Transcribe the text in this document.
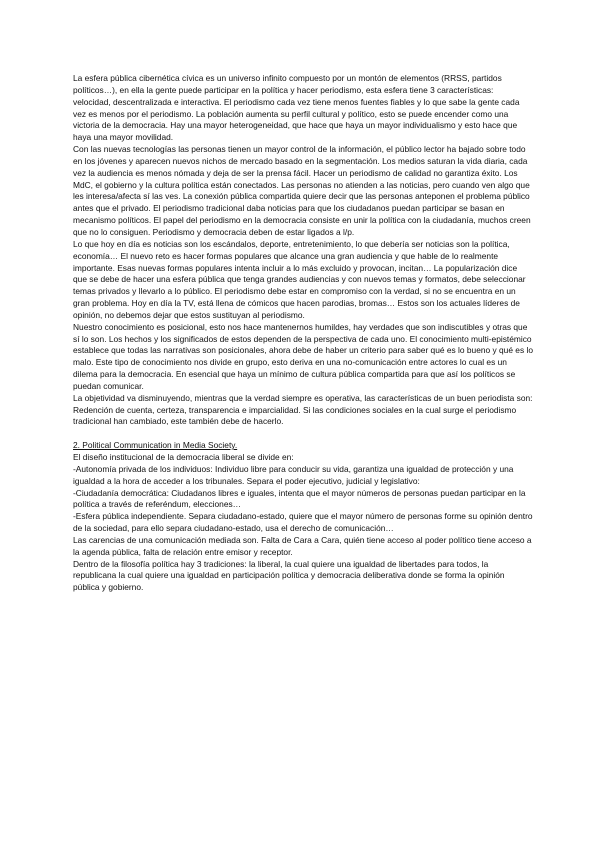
La esfera pública cibernética cívica es un universo infinito compuesto por un montón de elementos (RRSS, partidos políticos…), en ella la gente puede participar en la política y hacer periodismo, esta esfera tiene 3 características: velocidad, descentralizada e interactiva. El periodismo cada vez tiene menos fuentes fiables y lo que sabe la gente cada vez es menos por el periodismo. La población aumenta su perfil cultural y político, esto se puede encender como una victoria de la democracia. Hay una mayor heterogeneidad, que hace que haya un mayor individualismo y esto hace que haya una mayor movilidad.

Con las nuevas tecnologías las personas tienen un mayor control de la información, el público lector ha bajado sobre todo en los jóvenes y aparecen nuevos nichos de mercado basado en la segmentación. Los medios saturan la vida diaria, cada vez la audiencia es menos nómada y deja de ser la prensa fácil. Hacer un periodismo de calidad no garantiza éxito. Los MdC, el gobierno y la cultura política están conectados. Las personas no atienden a las noticias, pero cuando ven algo que les interesa/afecta sí las ves. La conexión pública compartida quiere decir que las personas anteponen el problema público antes que el privado. El periodismo tradicional daba noticias para que los ciudadanos puedan participar se basan en mecanismo políticos. El papel del periodismo en la democracia consiste en unir la política con la ciudadanía, muchos creen que no lo consiguen. Periodismo y democracia deben de estar ligados a l/p.

Lo que hoy en día es noticias son los escándalos, deporte, entretenimiento, lo que debería ser noticias son la política, economía… El nuevo reto es hacer formas populares que alcance una gran audiencia y que hable de lo realmente importante. Esas nuevas formas populares intenta incluir a lo más excluido y provocan, incitan… La popularización dice que se debe de hacer una esfera pública que tenga grandes audiencias y con nuevos temas y formatos, debe seleccionar temas privados y llevarlo a lo público. El periodismo debe estar en compromiso con la verdad, si no se encuentra en un gran problema. Hoy en día la TV, está llena de cómicos que hacen parodias, bromas… Estos son los actuales líderes de opinión, no debemos dejar que estos sustituyan al periodismo.

Nuestro conocimiento es posicional, esto nos hace mantenernos humildes, hay verdades que son indiscutibles y otras que sí lo son. Los hechos y los significados de estos dependen de la perspectiva de cada uno. El conocimiento multi-epistémico establece que todas las narrativas son posicionales, ahora debe de haber un criterio para saber qué es lo bueno y qué es lo malo. Este tipo de conocimiento nos divide en grupo, esto deriva en una no-comunicación entre actores lo cual es un dilema para la democracia. En esencial que haya un mínimo de cultura pública compartida para que así los políticos se puedan comunicar.

La objetividad va disminuyendo, mientras que la verdad siempre es operativa, las características de un buen periodista son: Redención de cuenta, certeza, transparencia e imparcialidad. Si las condiciones sociales en la cual surge el periodismo tradicional han cambiado, este también debe de hacerlo.

2. Political Communication in Media Society.

El diseño institucional de la democracia liberal se divide en:

-Autonomía privada de los individuos: Individuo libre para conducir su vida, garantiza una igualdad de protección y una igualdad a la hora de acceder a los tribunales. Separa el poder ejecutivo, judicial y legislativo:

-Ciudadanía democrática: Ciudadanos libres e iguales, intenta que el mayor números de personas puedan participar en la política a través de referéndum, elecciones…

-Esfera pública independiente. Separa ciudadano-estado, quiere que el mayor número de personas forme su opinión dentro de la sociedad, para ello separa ciudadano-estado, usa el derecho de comunicación…

Las carencias de una comunicación mediada son. Falta de Cara a Cara, quién tiene acceso al poder político tiene acceso a la agenda pública, falta de relación entre emisor y receptor.

Dentro de la filosofía política hay 3 tradiciones: la liberal, la cual quiere una igualdad de libertades para todos, la republicana la cual quiere una igualdad en participación política y democracia deliberativa donde se forma la opinión pública y gobierno.
